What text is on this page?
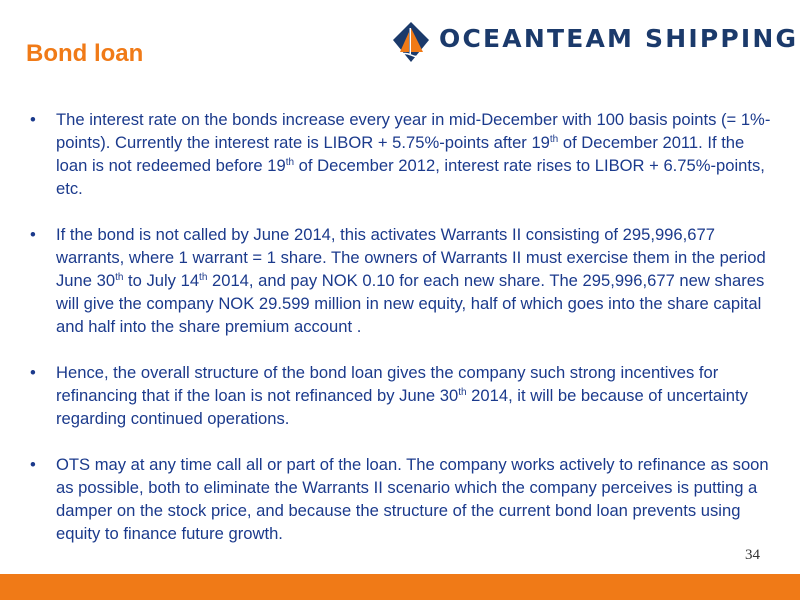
Bond loan
OCEANTEAM SHIPPING
• The interest rate on the bonds increase every year in mid-December with 100 basis points (= 1%-points). Currently the interest rate is LIBOR + 5.75%-points after 19th of December 2011. If the loan is not redeemed before 19th of December 2012, interest rate rises to LIBOR + 6.75%-points, etc.
• If the bond is not called by June 2014, this activates Warrants II consisting of 295,996,677 warrants, where 1 warrant = 1 share. The owners of Warrants II must exercise them in the period June 30th to July 14th 2014, and pay NOK 0.10 for each new share. The 295,996,677 new shares will give the company NOK 29.599 million in new equity, half of which goes into the share capital and half into the share premium account .
• Hence, the overall structure of the bond loan gives the company such strong incentives for refinancing that if the loan is not refinanced by June 30th 2014, it will be because of uncertainty regarding continued operations.
• OTS may at any time call all or part of the loan. The company works actively to refinance as soon as possible, both to eliminate the Warrants II scenario which the company perceives is putting a damper on the stock price, and because the structure of the current bond loan prevents using equity to finance future growth.
34
